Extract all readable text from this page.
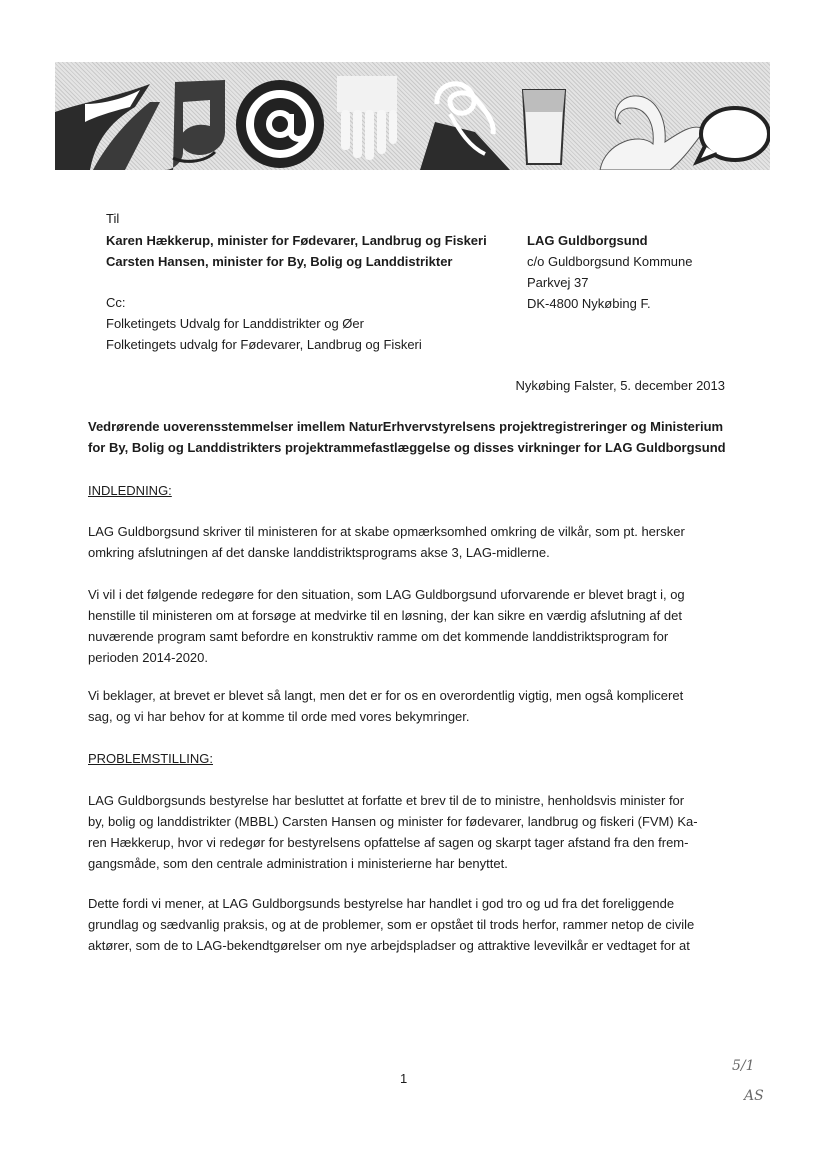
Til
Karen Hækkerup, minister for Fødevarer, Landbrug og Fiskeri
Carsten Hansen, minister for By, Bolig og Landdistrikter
Cc:
Folketingets Udvalg for Landdistrikter og Øer
Folketingets udvalg for Fødevarer, Landbrug og Fiskeri
LAG Guldborgsund
c/o Guldborgsund Kommune
Parkvej 37
DK-4800 Nykøbing F.
Nykøbing Falster, 5. december 2013
Vedrørende uoverensstemmelser imellem NaturErhvervstyrelsens projektregistreringer og Ministerium
for By, Bolig og Landdistrikters projektrammefastlæggelse og disses virkninger for LAG Guldborgsund
INDLEDNING:
LAG Guldborgsund skriver til ministeren for at skabe opmærksomhed omkring de vilkår, som pt. hersker
omkring afslutningen af det danske landdistriktsprograms akse 3, LAG-midlerne.
Vi vil i det følgende redegøre for den situation, som LAG Guldborgsund uforvarende er blevet bragt i, og
henstille til ministeren om at forsøge at medvirke til en løsning, der kan sikre en værdig afslutning af det
nuværende program samt befordre en konstruktiv ramme om det kommende landdistriktsprogram for
perioden 2014-2020.
Vi beklager, at brevet er blevet så langt, men det er for os en overordentlig vigtig, men også kompliceret
sag, og vi har behov for at komme til orde med vores bekymringer.
PROBLEMSTILLING:
LAG Guldborgsunds bestyrelse har besluttet at forfatte et brev til de to ministre, henholdsvis minister for
by, bolig og landdistrikter (MBBL) Carsten Hansen og minister for fødevarer, landbrug og fiskeri (FVM) Ka-
ren Hækkerup, hvor vi redegør for bestyrelsens opfattelse af sagen og skarpt tager afstand fra den frem-
gangsmåde, som den centrale administration i ministerierne har benyttet.
Dette fordi vi mener, at LAG Guldborgsunds bestyrelse har handlet i god tro og ud fra det foreliggende
grundlag og sædvanlig praksis, og at de problemer, som er opstået til trods herfor, rammer netop de civile
aktører, som de to LAG-bekendtgørelser om nye arbejdspladser og attraktive levevilkår er vedtaget for at
1
5/1
AS
